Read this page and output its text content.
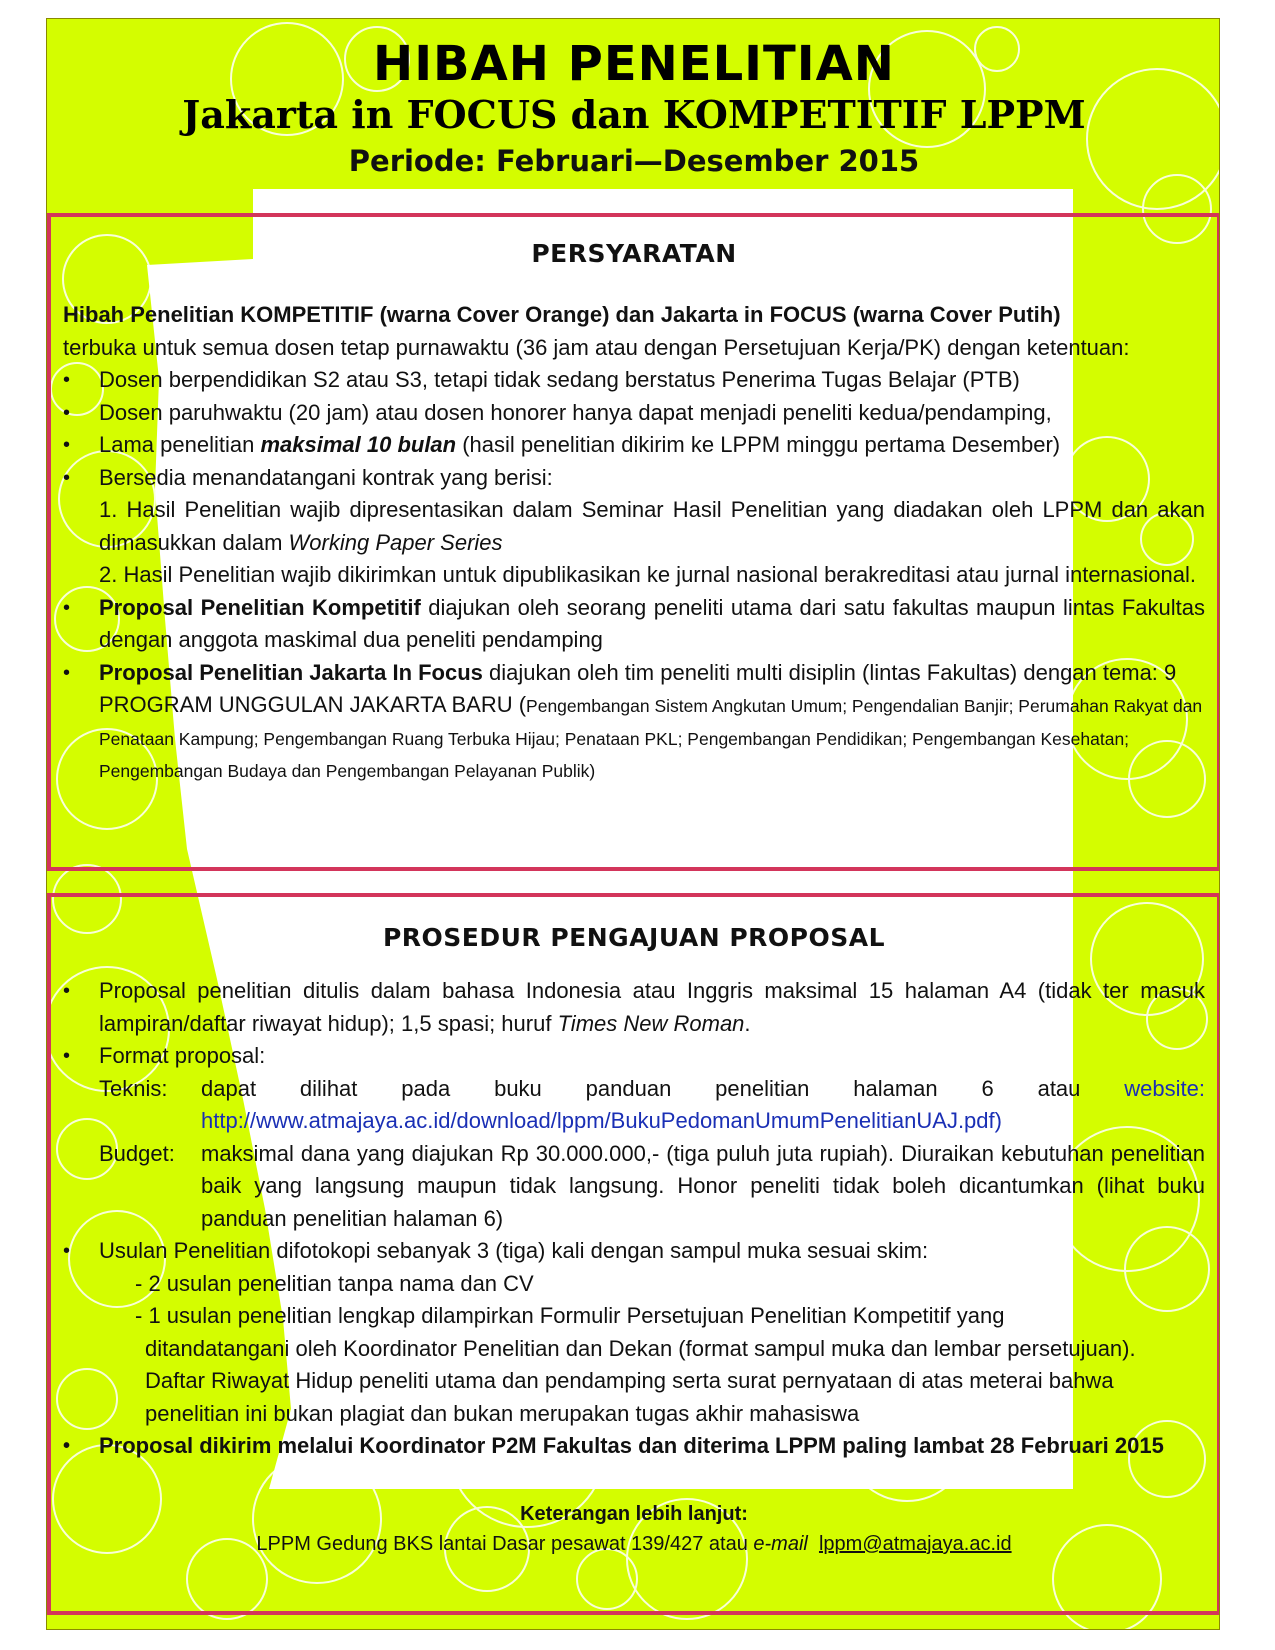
HIBAH PENELITIAN
Jakarta in FOCUS dan KOMPETITIF LPPM
Periode: Februari—Desember 2015
PERSYARATAN
Hibah Penelitian KOMPETITIF (warna Cover Orange) dan Jakarta in FOCUS (warna Cover Putih)
terbuka untuk semua dosen tetap purnawaktu (36 jam atau dengan Persetujuan Kerja/PK) dengan ketentuan:
• Dosen berpendidikan S2 atau S3, tetapi tidak sedang berstatus Penerima Tugas Belajar (PTB)
• Dosen paruhwaktu (20 jam) atau dosen honorer hanya dapat menjadi peneliti kedua/pendamping,
• Lama penelitian maksimal 10 bulan (hasil penelitian dikirim ke LPPM minggu pertama Desember)
• Bersedia menandatangani kontrak yang berisi:
1. Hasil Penelitian wajib dipresentasikan dalam Seminar Hasil Penelitian yang diadakan oleh LPPM dan akan dimasukkan dalam Working Paper Series
2. Hasil Penelitian wajib dikirimkan untuk dipublikasikan ke jurnal nasional berakreditasi atau jurnal internasional.
• Proposal Penelitian Kompetitif diajukan oleh seorang peneliti utama dari satu fakultas maupun lintas Fakultas dengan anggota maskimal dua peneliti pendamping
• Proposal Penelitian Jakarta In Focus diajukan oleh tim peneliti multi disiplin (lintas Fakultas) dengan tema: 9 PROGRAM UNGGULAN JAKARTA BARU (Pengembangan Sistem Angkutan Umum; Pengendalian Banjir; Perumahan Rakyat dan Penataan Kampung; Pengembangan Ruang Terbuka Hijau; Penataan PKL; Pengembangan Pendidikan; Pengembangan Kesehatan; Pengembangan Budaya dan Pengembangan Pelayanan Publik)
PROSEDUR PENGAJUAN PROPOSAL
• Proposal penelitian ditulis dalam bahasa Indonesia atau Inggris maksimal 15 halaman A4 (tidak ter masuk lampiran/daftar riwayat hidup); 1,5 spasi; huruf Times New Roman.
• Format proposal:
Teknis:	dapat dilihat pada buku panduan penelitian halaman 6 atau website: http://www.atmajaya.ac.id/download/lppm/BukuPedomanUmumPenelitianUAJ.pdf)
Budget:	maksimal dana yang diajukan Rp 30.000.000,- (tiga puluh juta rupiah). Diuraikan kebutuhan penelitian baik yang langsung maupun tidak langsung. Honor peneliti tidak boleh dicantumkan (lihat buku panduan penelitian halaman 6)
• Usulan Penelitian difotokopi sebanyak 3 (tiga) kali dengan sampul muka sesuai skim:
- 2 usulan penelitian tanpa nama dan CV
- 1 usulan penelitian lengkap dilampirkan Formulir Persetujuan Penelitian Kompetitif yang
ditandatangani oleh Koordinator Penelitian dan Dekan (format sampul muka dan lembar persetujuan). Daftar Riwayat Hidup peneliti utama dan pendamping serta surat pernyataan di atas meterai bahwa penelitian ini bukan plagiat dan bukan merupakan tugas akhir mahasiswa
• Proposal dikirim melalui Koordinator P2M Fakultas dan diterima LPPM paling lambat 28 Februari 2015
Keterangan lebih lanjut:
LPPM Gedung BKS lantai Dasar pesawat 139/427 atau e-mail lppm@atmajaya.ac.id
